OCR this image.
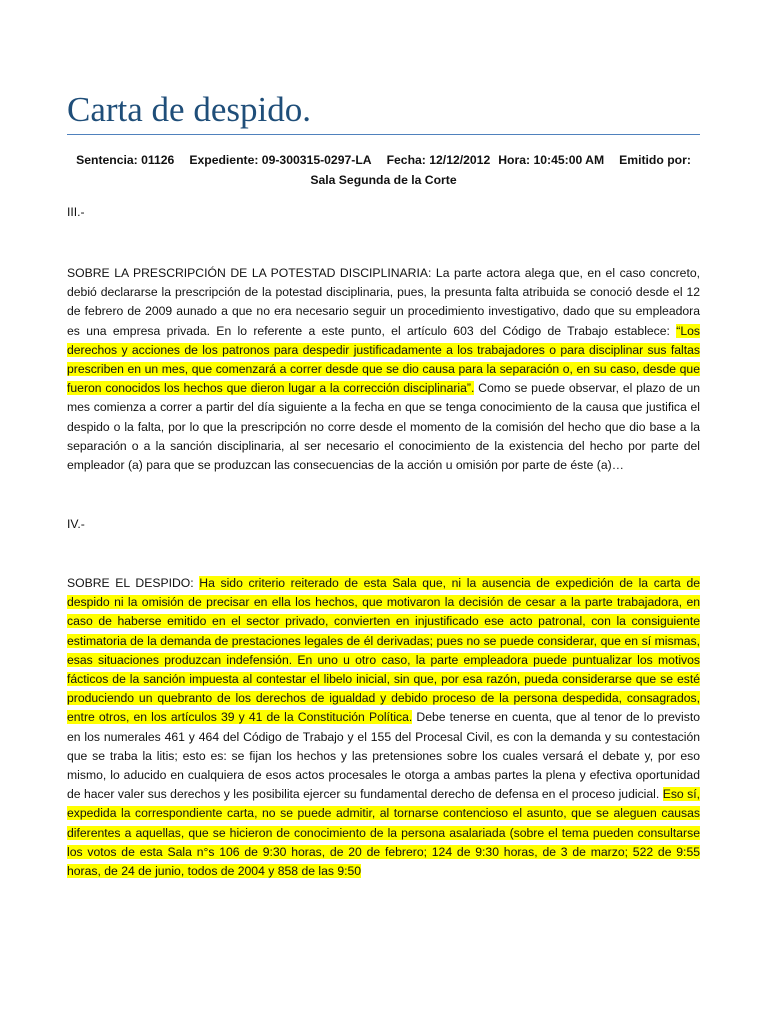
Carta de despido.
Sentencia: 01126 Expediente: 09-300315-0297-LA Fecha: 12/12/2012 Hora: 10:45:00 AM Emitido por:
Sala Segunda de la Corte
III.-

SOBRE LA PRESCRIPCIÓN DE LA POTESTAD DISCIPLINARIA: La parte actora alega que, en el caso concreto, debió declararse la prescripción de la potestad disciplinaria, pues, la presunta falta atribuida se conoció desde el 12 de febrero de 2009 aunado a que no era necesario seguir un procedimiento investigativo, dado que su empleadora es una empresa privada. En lo referente a este punto, el artículo 603 del Código de Trabajo establece: “Los derechos y acciones de los patronos para despedir justificadamente a los trabajadores o para disciplinar sus faltas prescriben en un mes, que comenzará a correr desde que se dio causa para la separación o, en su caso, desde que fueron conocidos los hechos que dieron lugar a la corrección disciplinaria”. Como se puede observar, el plazo de un mes comienza a correr a partir del día siguiente a la fecha en que se tenga conocimiento de la causa que justifica el despido o la falta, por lo que la prescripción no corre desde el momento de la comisión del hecho que dio base a la separación o a la sanción disciplinaria, al ser necesario el conocimiento de la existencia del hecho por parte del empleador (a) para que se produzcan las consecuencias de la acción u omisión por parte de éste (a)…

IV.-

SOBRE EL DESPIDO: Ha sido criterio reiterado de esta Sala que, ni la ausencia de expedición de la carta de despido ni la omisión de precisar en ella los hechos, que motivaron la decisión de cesar a la parte trabajadora, en caso de haberse emitido en el sector privado, convierten en injustificado ese acto patronal, con la consiguiente estimatoria de la demanda de prestaciones legales de él derivadas; pues no se puede considerar, que en sí mismas, esas situaciones produzcan indefensión. En uno u otro caso, la parte empleadora puede puntualizar los motivos fácticos de la sanción impuesta al contestar el libelo inicial, sin que, por esa razón, pueda considerarse que se esté produciendo un quebranto de los derechos de igualdad y debido proceso de la persona despedida, consagrados, entre otros, en los artículos 39 y 41 de la Constitución Política. Debe tenerse en cuenta, que al tenor de lo previsto en los numerales 461 y 464 del Código de Trabajo y el 155 del Procesal Civil, es con la demanda y su contestación que se traba la litis; esto es: se fijan los hechos y las pretensiones sobre los cuales versará el debate y, por eso mismo, lo aducido en cualquiera de esos actos procesales le otorga a ambas partes la plena y efectiva oportunidad de hacer valer sus derechos y les posibilita ejercer su fundamental derecho de defensa en el proceso judicial. Eso sí, expedida la correspondiente carta, no se puede admitir, al tornarse contencioso el asunto, que se aleguen causas diferentes a aquellas, que se hicieron de conocimiento de la persona asalariada (sobre el tema pueden consultarse los votos de esta Sala n°s 106 de 9:30 horas, de 20 de febrero; 124 de 9:30 horas, de 3 de marzo; 522 de 9:55 horas, de 24 de junio, todos de 2004 y 858 de las 9:50
